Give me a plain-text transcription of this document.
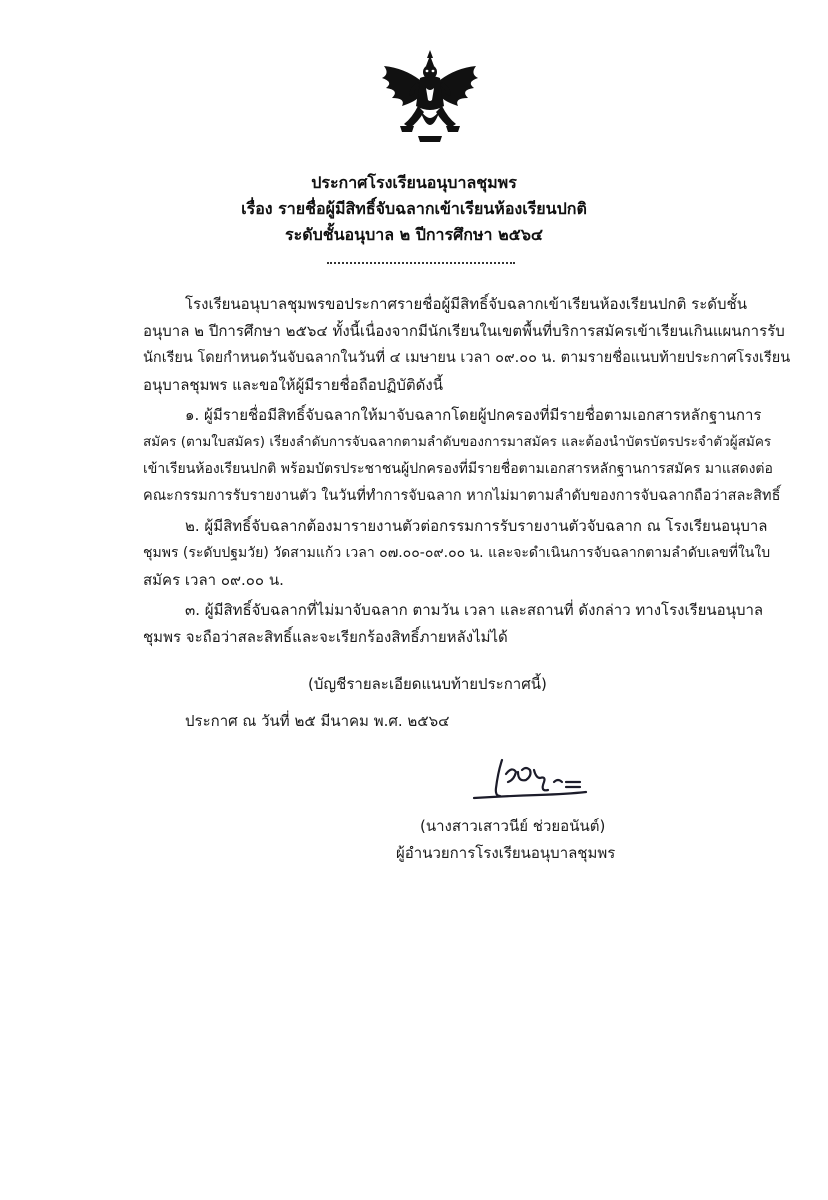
ประกาศโรงเรียนอนุบาลชุมพร
เรื่อง รายชื่อผู้มีสิทธิ์จับฉลากเข้าเรียนห้องเรียนปกติ
ระดับชั้นอนุบาล ๒ ปีการศึกษา ๒๕๖๔
โรงเรียนอนุบาลชุมพรขอประกาศรายชื่อผู้มีสิทธิ์จับฉลากเข้าเรียนห้องเรียนปกติ ระดับชั้น
อนุบาล ๒ ปีการศึกษา ๒๕๖๔ ทั้งนี้เนื่องจากมีนักเรียนในเขตพื้นที่บริการสมัครเข้าเรียนเกินแผนการรับ
นักเรียน โดยกำหนดวันจับฉลากในวันที่ ๔ เมษายน เวลา ๐๙.๐๐ น. ตามรายชื่อแนบท้ายประกาศโรงเรียน
อนุบาลชุมพร และขอให้ผู้มีรายชื่อถือปฏิบัติดังนี้
๑. ผู้มีรายชื่อมีสิทธิ์จับฉลากให้มาจับฉลากโดยผู้ปกครองที่มีรายชื่อตามเอกสารหลักฐานการ
สมัคร (ตามใบสมัคร) เรียงลำดับการจับฉลากตามลำดับของการมาสมัคร และต้องนำบัตรบัตรประจำตัวผู้สมัคร
เข้าเรียนห้องเรียนปกติ พร้อมบัตรประชาชนผู้ปกครองที่มีรายชื่อตามเอกสารหลักฐานการสมัคร มาแสดงต่อ
คณะกรรมการรับรายงานตัว ในวันที่ทำการจับฉลาก หากไม่มาตามลำดับของการจับฉลากถือว่าสละสิทธิ์
๒. ผู้มีสิทธิ์จับฉลากต้องมารายงานตัวต่อกรรมการรับรายงานตัวจับฉลาก ณ โรงเรียนอนุบาล
ชุมพร (ระดับปฐมวัย) วัดสามแก้ว เวลา ๐๗.๐๐-๐๙.๐๐ น. และจะดำเนินการจับฉลากตามลำดับเลขที่ในใบ
สมัคร เวลา ๐๙.๐๐ น.
๓. ผู้มีสิทธิ์จับฉลากที่ไม่มาจับฉลาก ตามวัน เวลา และสถานที่ ดังกล่าว ทางโรงเรียนอนุบาล
ชุมพร จะถือว่าสละสิทธิ์และจะเรียกร้องสิทธิ์ภายหลังไม่ได้
(บัญชีรายละเอียดแนบท้ายประกาศนี้)
ประกาศ ณ วันที่ ๒๕ มีนาคม พ.ศ. ๒๕๖๔
(นางสาวเสาวนีย์ ช่วยอนันต์)
ผู้อำนวยการโรงเรียนอนุบาลชุมพร
